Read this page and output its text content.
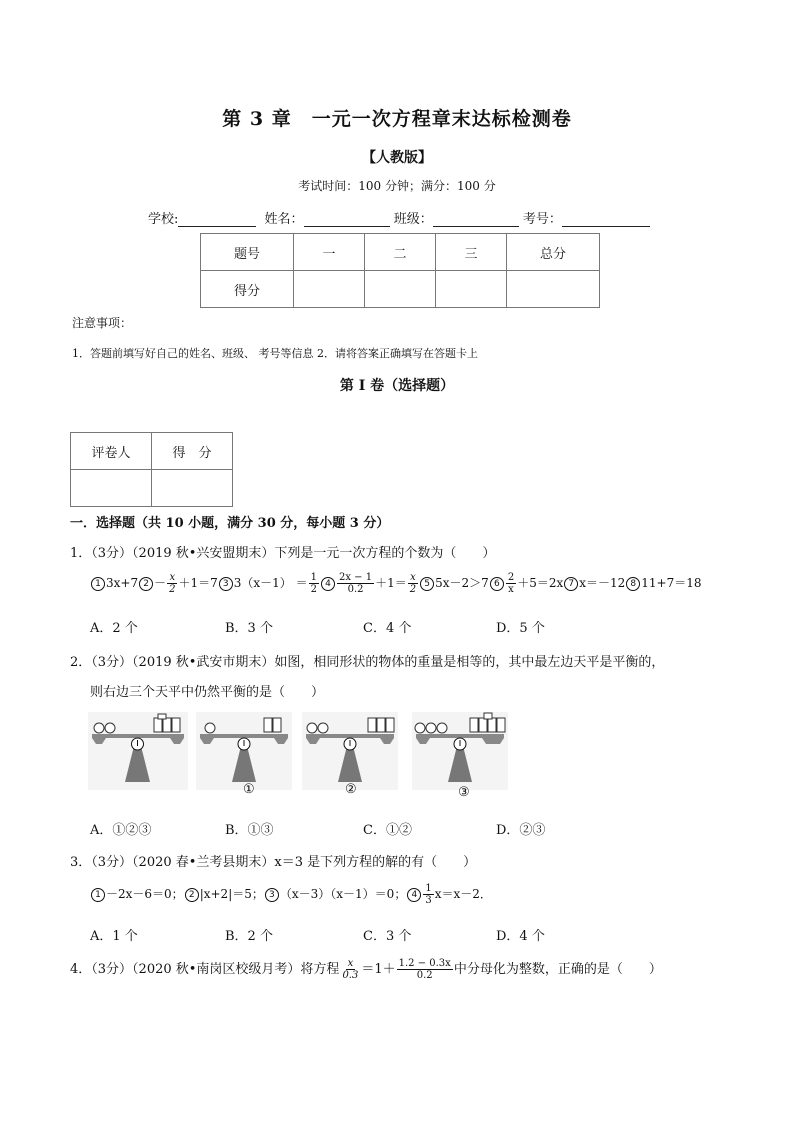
第 3 章　一元一次方程章末达标检测卷
【人教版】
考试时间：100 分钟；满分：100 分
学校:	姓名：	班级：	考号：
题号	一	二	三	总分
得分				
注意事项：
1．答题前填写好自己的姓名、班级、 考号等信息 2．请将答案正确填写在答题卡上
第 I 卷（选择题）
评卷人	得　分

一．选择题（共 10 小题，满分 30 分，每小题 3 分）
1．（3分）（2019 秋•兴安盟期末）下列是一元一次方程的个数为（　　）
1 3x+7 $2 - \frac{x}{2} +1=7$ 3 $3(x-1) = \frac{1}{2} 4 \frac{2x - 1}{0.2} +1= \frac{x}{2} 5$ 5x－2＞7 $6 \frac{2}{x} +5=2x$ 7 x＝－12 8 11+7＝18
A．2 个	B．3 个	C．4 个	D．5 个
2．（3分）（2019 秋•武安市期末）如图，相同形状的物体的重量是相等的，其中最左边天平是平衡的，
则右边三个天平中仍然平衡的是（　　）
①	②	③
A．①②③	B．①③	C．①②	D．②③
3．（3分）（2020 春•兰考县期末）x＝3 是下列方程的解的有（　　）
1 －2x－6＝0； 2 |x+2|＝5； 3 （x－3）（x－1）＝0； $4 \frac{1}{3} x=x-2$．
A．1 个	B．2 个	C．3 个	D．4 个
4．（3分）（2020 秋•南岗区校级月考）将方程 $\frac{x}{0.3} =1+ \frac{1.2 - 0.3x}{0.2}$ 中分母化为整数，正确的是（　　）
